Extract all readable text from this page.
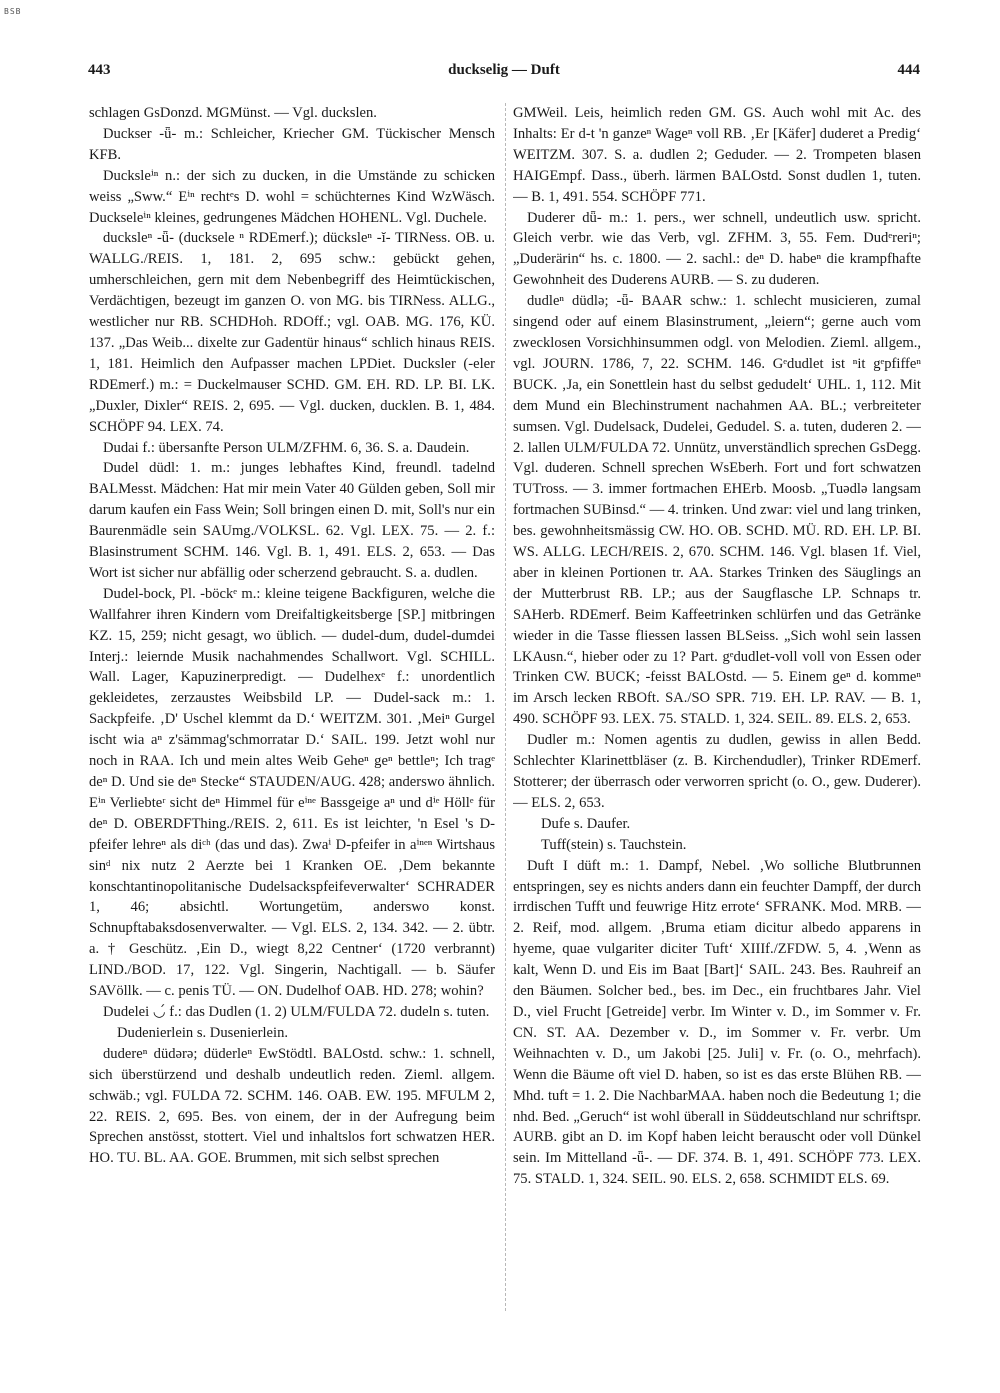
BSB
443	duckselig — Duft	444

schlagen GsDonzd. MGMünst. — Vgl. duckslen.

Duckser -ǖ- m.: Schleicher, Kriecher GM. Tückischer Mensch KFB.

Ducksleⁱⁿ n.: der sich zu ducken, in die Umstände zu schicken weiss „Sww.“ Eⁱⁿ rechtᵉs D. wohl = schüchternes Kind WzWäsch. Duckseleⁱⁿ kleines, gedrungenes Mädchen HOHENL. Vgl. Duchele.

duckslеⁿ -ǖ- (ducksele ⁿ RDEmerf.); dückslеⁿ -ĭ- TIRNess. OB. u. WALLG./REIS. 1, 181. 2, 695 schw.: gebückt gehen, umherschleichen, gern mit dem Nebenbegriff des Heimtückischen, Verdächtigen, bezeugt im ganzen O. von MG. bis TIRNess. ALLG., westlicher nur RB. SCHDHoh. RDOff.; vgl. OAB. MG. 176, KÜ. 137. „Das Weib... dixelte zur Gadentür hinaus“ schlich hinaus REIS. 1, 181. Heimlich den Aufpasser machen LPDiet. Ducksler (-eler RDEmerf.) m.: = Duckelmauser SCHD. GM. EH. RD. LP. BI. LK. „Duxler, Dixler“ REIS. 2, 695. — Vgl. ducken, ducklen. B. 1, 484. SCHÖPF 94. LEX. 74.

Dudai f.: übersanfte Person ULM/ZFHM. 6, 36. S. a. Daudein.

Dudel düdl: 1. m.: junges lebhaftes Kind, freundl. tadelnd BALMesst. Mädchen: Hat mir mein Vater 40 Gülden geben, Soll mir darum kaufen ein Fass Wein; Soll bringen einen D. mit, Soll's nur ein Baurenmädle sein SAUmg./VOLKSL. 62. Vgl. LEX. 75. — 2. f.: Blasinstrument SCHM. 146. Vgl. B. 1, 491. ELS. 2, 653. — Das Wort ist sicher nur abfällig oder scherzend gebraucht. S. a. dudlen.

Dudel-bock, Pl. -böckᵉ m.: kleine teigene Backfiguren, welche die Wallfahrer ihren Kindern vom Dreifaltigkeitsberge [SP.] mitbringen KZ. 15, 259; nicht gesagt, wo üblich. — dudel-dum, dudel-dumdei Interj.: leiernde Musik nachahmendes Schallwort. Vgl. SCHILL. Wall. Lager, Kapuzinerpredigt. — Dudelhexᵉ f.: unordentlich gekleidetes, zerzaustes Weibsbild LP. — Dudel-sack m.: 1. Sackpfeife. ‚D' Uschel klemmt da D.‘ WEITZM. 301. ‚Meiⁿ Gurgel ischt wia aⁿ z'sämmag'schmorratar D.‘ SAIL. 199. Jetzt wohl nur noch in RAA. Ich und mein altes Weib Geheⁿ geⁿ bettleⁿ; Ich tragᵉ deⁿ D. Und sie deⁿ Stecke“ STAUDEN/AUG. 428; anderswo ähnlich. Eⁱⁿ Verliebteʳ sicht deⁿ Himmel für eⁱⁿᵉ Bassgeige aⁿ und dⁱᵉ Höllᵉ für deⁿ D. OBERDFThing./REIS. 2, 611. Es ist leichter, 'n Esel 's D-pfeifer lehreⁿ als diᶜʰ (das und das). Zwaⁱ D-pfeifer in aⁱⁿᵉⁿ Wirtshaus sinᵈ nix nutz 2 Aerzte bei 1 Kranken OE. ‚Dem bekannte konschtantinopolitanische Dudelsackspfeifeverwalter‘ SCHRADER 1, 46; absichtl. Wortungetüm, anderswo konst. Schnupftabaksdosenverwalter. — Vgl. ELS. 2, 134. 342. — 2. übtr. a. † Geschütz. ‚Ein D., wiegt 8,22 Centner‘ (1720 verbrannt) LIND./BOD. 17, 122. Vgl. Singerin, Nachtigall. — b. Säufer SAVöllk. — c. penis TÜ. — ON. Dudelhof OAB. HD. 278; wohin?

Dudelei ◡́ f.: das Dudlen (1. 2) ULM/FULDA 72. dudeln s. tuten.

Dudenierlein s. Dusenierlein.

dudereⁿ düdərə; düderleⁿ EwStödtl. BALOstd. schw.: 1. schnell, sich überstürzend und deshalb undeutlich reden. Zieml. allgem. schwäb.; vgl. FULDA 72. SCHM. 146. OAB. EW. 195. MFULM 2, 22. REIS. 2, 695. Bes. von einem, der in der Aufregung beim Sprechen anstösst, stottert. Viel und inhaltslos fort schwatzen HER. HO. TU. BL. AA. GOE. Brummen, mit sich selbst sprechen

GMWeil. Leis, heimlich reden GM. GS. Auch wohl mit Ac. des Inhalts: Er d-t 'n ganzeⁿ Wageⁿ voll RB. ‚Er [Käfer] duderet a Predig‘ WEITZM. 307. S. a. dudlen 2; Geduder. — 2. Trompeten blasen HAIGEmpf. Dass., überh. lärmen BALOstd. Sonst dudlen 1, tuten. — B. 1, 491. 554. SCHÖPF 771.

Duderer dǖ- m.: 1. pers., wer schnell, undeutlich usw. spricht. Gleich verbr. wie das Verb, vgl. ZFHM. 3, 55. Fem. Dudᵉreriⁿ; „Duderärin“ hs. c. 1800. — 2. sachl.: deⁿ D. habeⁿ die krampfhafte Gewohnheit des Duderens AURB. — S. zu duderen.

dudleⁿ düdlə; -ǖ- BAAR schw.: 1. schlecht musicieren, zumal singend oder auf einem Blasinstrument, „leiern“; gerne auch vom zwecklosen Vorsichhinsummen odgl. von Melodien. Zieml. allgem., vgl. JOURN. 1786, 7, 22. SCHM. 146. Gᵉdudlet ist ⁿit gᵉpfiffeⁿ BUCK. ‚Ja, ein Sonettlein hast du selbst gedudelt‘ UHL. 1, 112. Mit dem Mund ein Blechinstrument nachahmen AA. BL.; verbreiteter sumsen. Vgl. Dudelsack, Dudelei, Gedudel. S. a. tuten, duderen 2. — 2. lallen ULM/FULDA 72. Unnütz, unverständlich sprechen GsDegg. Vgl. duderen. Schnell sprechen WsEberh. Fort und fort schwatzen TUTross. — 3. immer fortmachen EHErb. Moosb. „Tuədlə langsam fortmachen SUBinsd.“ — 4. trinken. Und zwar: viel und lang trinken, bes. gewohnheitsmässig CW. HO. OB. SCHD. MÜ. RD. EH. LP. BI. WS. ALLG. LECH/REIS. 2, 670. SCHM. 146. Vgl. blasen 1f. Viel, aber in kleinen Portionen tr. AA. Starkes Trinken des Säuglings an der Mutterbrust RB. LP.; aus der Saugflasche LP. Schnaps tr. SAHerb. RDEmerf. Beim Kaffeetrinken schlürfen und das Getränke wieder in die Tasse fliessen lassen BLSeiss. „Sich wohl sein lassen LKAusn.“, hieber oder zu 1? Part. gᵉdudlet-voll voll von Essen oder Trinken CW. BUCK; -feisst BALOstd. — 5. Einem geⁿ d. kommeⁿ im Arsch lecken RBOft. SA./SO SPR. 719. EH. LP. RAV. — B. 1, 490. SCHÖPF 93. LEX. 75. STALD. 1, 324. SEIL. 89. ELS. 2, 653.

Dudler m.: Nomen agentis zu dudlen, gewiss in allen Bedd. Schlechter Klarinettbläser (z. B. Kirchendudler), Trinker RDEmerf. Stotterer; der überrasch oder verworren spricht (o. O., gew. Duderer). — ELS. 2, 653.

Dufe s. Daufer.

Tuff(stein) s. Tauchstein.

Duft I düft m.: 1. Dampf, Nebel. ‚Wo solliche Blutbrunnen entspringen, sey es nichts anders dann ein feuchter Dampff, der durch irrdischen Tufft und feuwrige Hitz errote‘ SFRANK. Mod. MRB. — 2. Reif, mod. allgem. ‚Bruma etiam dicitur albedo apparens in hyeme, quae vulgariter diciter Tuft‘ XIIIf./ZFDW. 5, 4. ‚Wenn as kalt, Wenn D. und Eis im Baat [Bart]‘ SAIL. 243. Bes. Rauhreif an den Bäumen. Solcher bed., bes. im Dec., ein fruchtbares Jahr. Viel D., viel Frucht [Getreide] verbr. Im Winter v. D., im Sommer v. Fr. CN. ST. AA. Dezember v. D., im Sommer v. Fr. verbr. Um Weihnachten v. D., um Jakobi [25. Juli] v. Fr. (o. O., mehrfach). Wenn die Bäume oft viel D. haben, so ist es das erste Blühen RB. — Mhd. tuft = 1. 2. Die NachbarMAA. haben noch die Bedeutung 1; die nhd. Bed. „Geruch“ ist wohl überall in Süddeutschland nur schriftspr. AURB. gibt an D. im Kopf haben leicht berauscht oder voll Dünkel sein. Im Mittelland -ǖ-. — DF. 374. B. 1, 491. SCHÖPF 773. LEX. 75. STALD. 1, 324. SEIL. 90. ELS. 2, 658. SCHMIDT ELS. 69.
